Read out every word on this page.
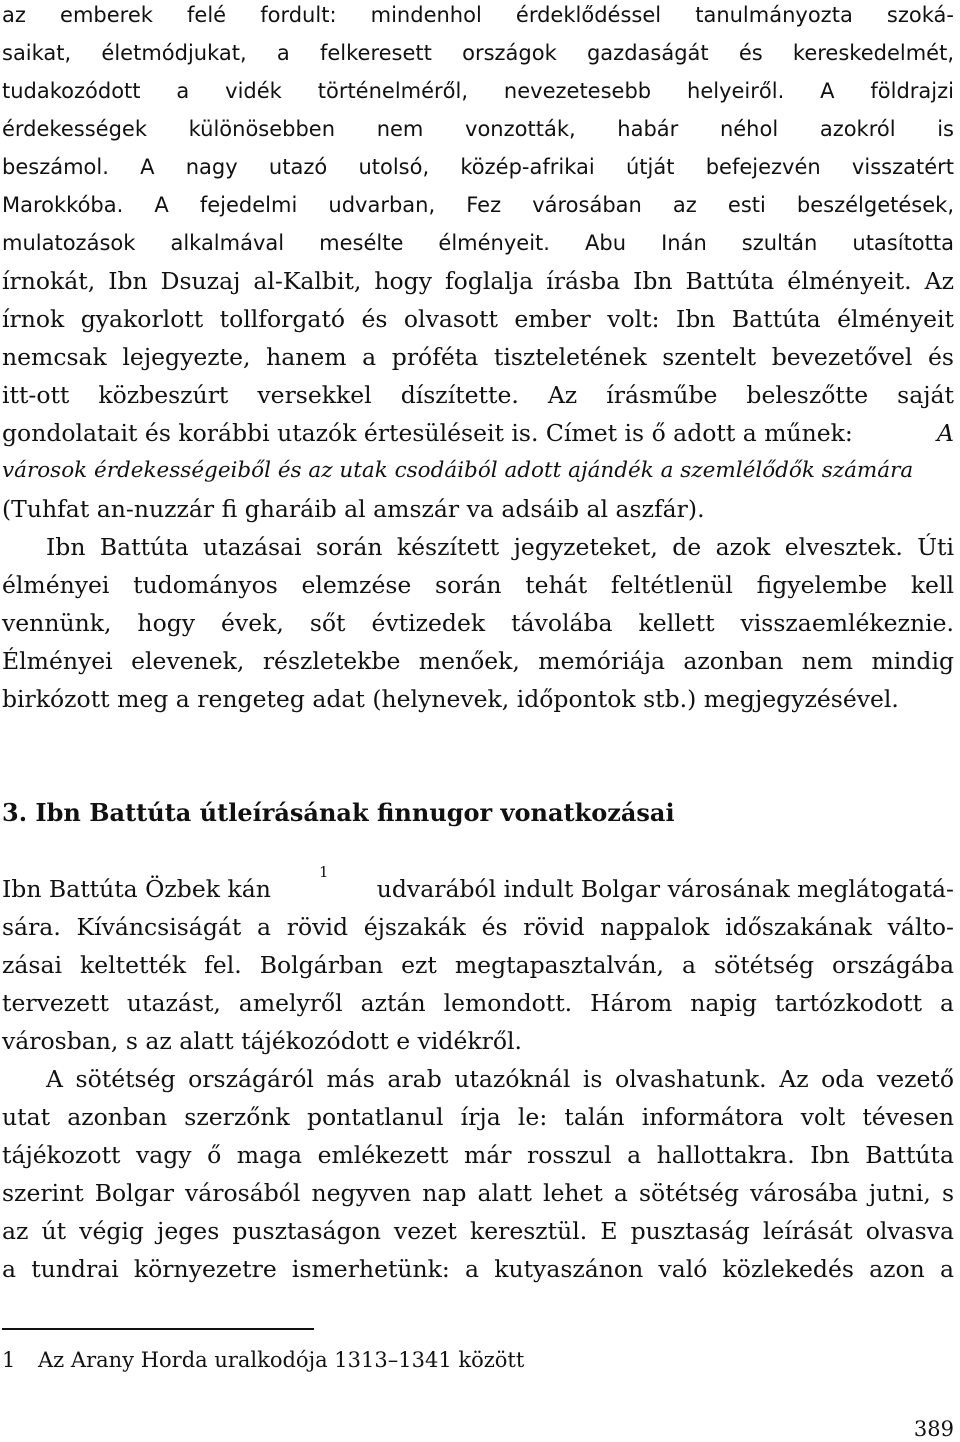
az emberek felé fordult: mindenhol érdeklődéssel tanulmányozta szoká-
saikat, életmódjukat, a felkeresett országok gazdaságát és kereskedelmét,
tudakozódott a vidék történelméről, nevezetesebb helyeiről. A földrajzi
érdekességek különösebben nem vonzották, habár néhol azokról is
beszámol. A nagy utazó utolsó, közép-afrikai útját befejezvén visszatért
Marokkóba. A fejedelmi udvarban, Fez városában az esti beszélgetések,
mulatozások alkalmával mesélte élményeit. Abu Inán szultán utasította
írnokát, Ibn Dsuzaj al-Kalbit, hogy foglalja írásba Ibn Battúta élményeit. Az
írnok gyakorlott tollforgató és olvasott ember volt: Ibn Battúta élményeit
nemcsak lejegyezte, hanem a próféta tiszteletének szentelt bevezetővel és
itt-ott közbeszúrt versekkel díszítette. Az írásműbe beleszőtte saját
gondolatait és korábbi utazók értesüléseit is. Címet is ő adott a műnek:	A
városok érdekességeiből és az utak csodáiból adott ajándék a szemlélődők számára
(Tuhfat an-nuzzár fi gharáib al amszár va adsáib al aszfár).
Ibn Battúta utazásai során készített jegyzeteket, de azok elvesztek. Úti
élményei tudományos elemzése során tehát feltétlenül figyelembe kell
vennünk, hogy évek, sőt évtizedek távolába kellett visszaemlékeznie.
Élményei elevenek, részletekbe menőek, memóriája azonban nem mindig
birkózott meg a rengeteg adat (helynevek, időpontok stb.) megjegyzésével.
3. Ibn Battúta útleírásának finnugor vonatkozásai
Ibn Battúta Özbek kán
$^1$
udvarából indult Bolgar városának meglátogatá-
sára. Kíváncsiságát a rövid éjszakák és rövid nappalok időszakának válto-
zásai keltették fel. Bolgárban ezt megtapasztalván, a sötétség országába
tervezett utazást, amelyről aztán lemondott. Három napig tartózkodott a
városban, s az alatt tájékozódott e vidékről.
A sötétség országáról más arab utazóknál is olvashatunk. Az oda vezető
utat azonban szerzőnk pontatlanul írja le: talán informátora volt tévesen
tájékozott vagy ő maga emlékezett már rosszul a hallottakra. Ibn Battúta
szerint Bolgar városából negyven nap alatt lehet a sötétség városába jutni, s
az út végig jeges pusztaságon vezet keresztül. E pusztaság leírását olvasva
a tundrai környezetre ismerhetünk: a kutyaszánon való közlekedés azon a
1 Az Arany Horda uralkodója 1313–1341 között
389
